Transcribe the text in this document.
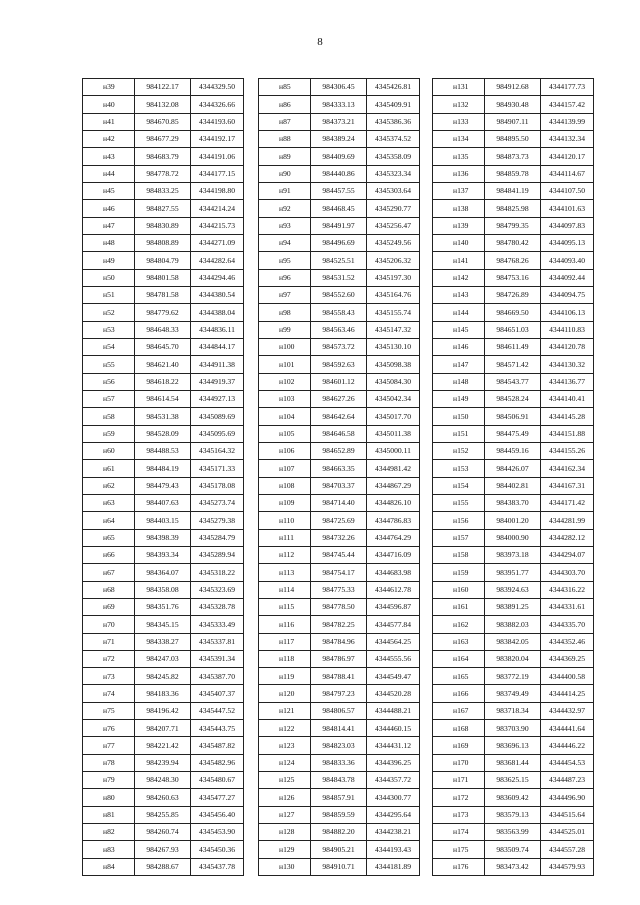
8
н39	984122.17	4344329.50
н40	984132.08	4344326.66
н41	984670.85	4344193.60
н42	984677.29	4344192.17
н43	984683.79	4344191.06
н44	984778.72	4344177.15
н45	984833.25	4344198.80
н46	984827.55	4344214.24
н47	984830.89	4344215.73
н48	984808.89	4344271.09
н49	984804.79	4344282.64
н50	984801.58	4344294.46
н51	984781.58	4344380.54
н52	984779.62	4344388.04
н53	984648.33	4344836.11
н54	984645.70	4344844.17
н55	984621.40	4344911.38
н56	984618.22	4344919.37
н57	984614.54	4344927.13
н58	984531.38	4345089.69
н59	984528.09	4345095.69
н60	984488.53	4345164.32
н61	984484.19	4345171.33
н62	984479.43	4345178.08
н63	984407.63	4345273.74
н64	984403.15	4345279.38
н65	984398.39	4345284.79
н66	984393.34	4345289.94
н67	984364.07	4345318.22
н68	984358.08	4345323.69
н69	984351.76	4345328.78
н70	984345.15	4345333.49
н71	984338.27	4345337.81
н72	984247.03	4345391.34
н73	984245.82	4345387.70
н74	984183.36	4345407.37
н75	984196.42	4345447.52
н76	984207.71	4345443.75
н77	984221.42	4345487.82
н78	984239.94	4345482.96
н79	984248.30	4345480.67
н80	984260.63	4345477.27
н81	984255.85	4345456.40
н82	984260.74	4345453.90
н83	984267.93	4345450.36
н84	984288.67	4345437.78
н85	984306.45	4345426.81
н86	984333.13	4345409.91
н87	984373.21	4345386.36
н88	984389.24	4345374.52
н89	984409.69	4345358.09
н90	984440.86	4345323.34
н91	984457.55	4345303.64
н92	984468.45	4345290.77
н93	984491.97	4345256.47
н94	984496.69	4345249.56
н95	984525.51	4345206.32
н96	984531.52	4345197.30
н97	984552.60	4345164.76
н98	984558.43	4345155.74
н99	984563.46	4345147.32
н100	984573.72	4345130.10
н101	984592.63	4345098.38
н102	984601.12	4345084.30
н103	984627.26	4345042.34
н104	984642.64	4345017.70
н105	984646.58	4345011.38
н106	984652.89	4345000.11
н107	984663.35	4344981.42
н108	984703.37	4344867.29
н109	984714.40	4344826.10
н110	984725.69	4344786.83
н111	984732.26	4344764.29
н112	984745.44	4344716.09
н113	984754.17	4344683.98
н114	984775.33	4344612.78
н115	984778.50	4344596.87
н116	984782.25	4344577.84
н117	984784.96	4344564.25
н118	984786.97	4344555.56
н119	984788.41	4344549.47
н120	984797.23	4344520.28
н121	984806.57	4344488.21
н122	984814.41	4344460.15
н123	984823.03	4344431.12
н124	984833.36	4344396.25
н125	984843.78	4344357.72
н126	984857.91	4344300.77
н127	984859.59	4344295.64
н128	984882.20	4344238.21
н129	984905.21	4344193.43
н130	984910.71	4344181.89
н131	984912.68	4344177.73
н132	984930.48	4344157.42
н133	984907.11	4344139.99
н134	984895.50	4344132.34
н135	984873.73	4344120.17
н136	984859.78	4344114.67
н137	984841.19	4344107.50
н138	984825.98	4344101.63
н139	984799.35	4344097.83
н140	984780.42	4344095.13
н141	984768.26	4344093.40
н142	984753.16	4344092.44
н143	984726.89	4344094.75
н144	984669.50	4344106.13
н145	984651.03	4344110.83
н146	984611.49	4344120.78
н147	984571.42	4344130.32
н148	984543.77	4344136.77
н149	984528.24	4344140.41
н150	984506.91	4344145.28
н151	984475.49	4344151.88
н152	984459.16	4344155.26
н153	984426.07	4344162.34
н154	984402.81	4344167.31
н155	984383.70	4344171.42
н156	984001.20	4344281.99
н157	984000.90	4344282.12
н158	983973.18	4344294.07
н159	983951.77	4344303.70
н160	983924.63	4344316.22
н161	983891.25	4344331.61
н162	983882.03	4344335.70
н163	983842.05	4344352.46
н164	983820.04	4344369.25
н165	983772.19	4344400.58
н166	983749.49	4344414.25
н167	983718.34	4344432.97
н168	983703.90	4344441.64
н169	983696.13	4344446.22
н170	983681.44	4344454.53
н171	983625.15	4344487.23
н172	983609.42	4344496.90
н173	983579.13	4344515.64
н174	983563.99	4344525.01
н175	983509.74	4344557.28
н176	983473.42	4344579.93
